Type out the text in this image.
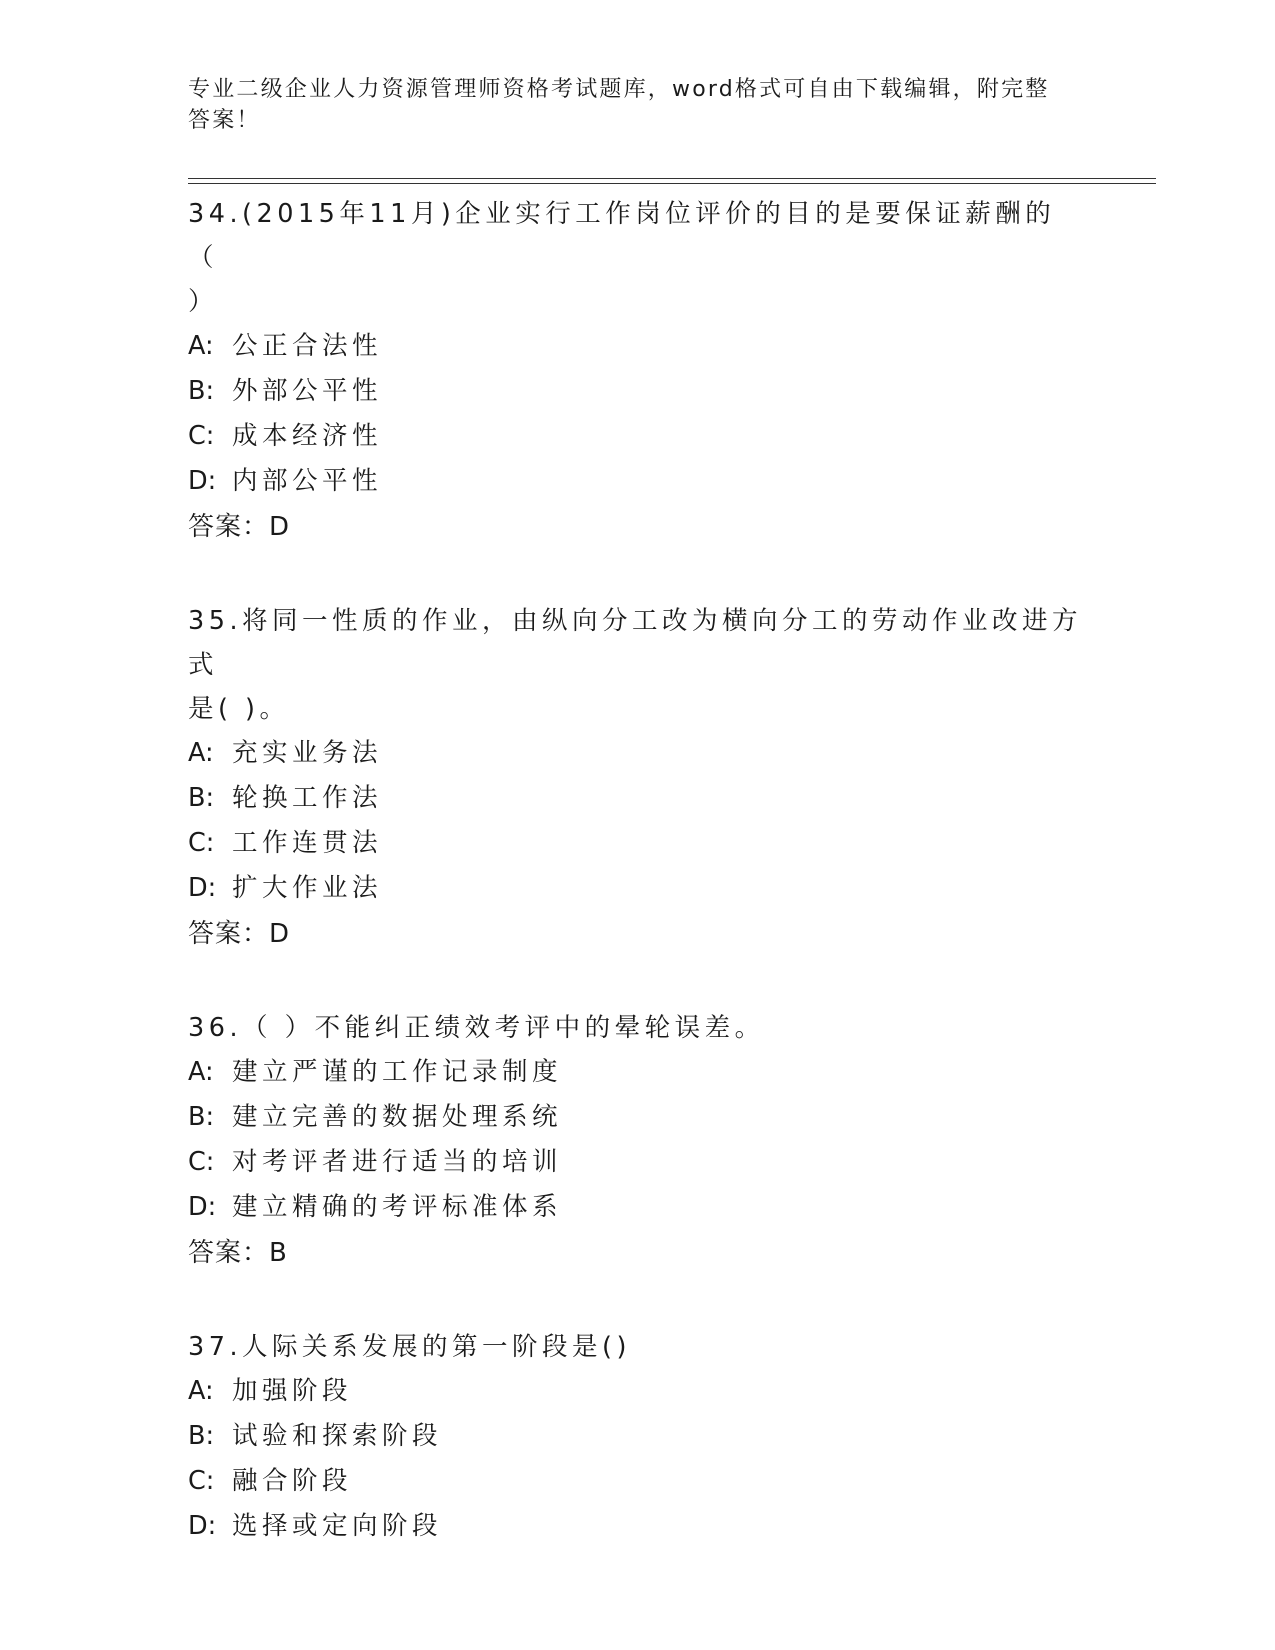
专业二级企业人力资源管理师资格考试题库，word格式可自由下载编辑，附完整
答案！
34.(2015年11月)企业实行工作岗位评价的目的是要保证薪酬的 （
）
A: 公正合法性
B: 外部公平性
C: 成本经济性
D: 内部公平性
答案：D
35.将同一性质的作业，由纵向分工改为横向分工的劳动作业改进方式
是( )。
A: 充实业务法
B: 轮换工作法
C: 工作连贯法
D: 扩大作业法
答案：D
36.（ ）不能纠正绩效考评中的晕轮误差。
A: 建立严谨的工作记录制度
B: 建立完善的数据处理系统
C: 对考评者进行适当的培训
D: 建立精确的考评标准体系
答案：B
37.人际关系发展的第一阶段是()
A: 加强阶段
B: 试验和探索阶段
C: 融合阶段
D: 选择或定向阶段
